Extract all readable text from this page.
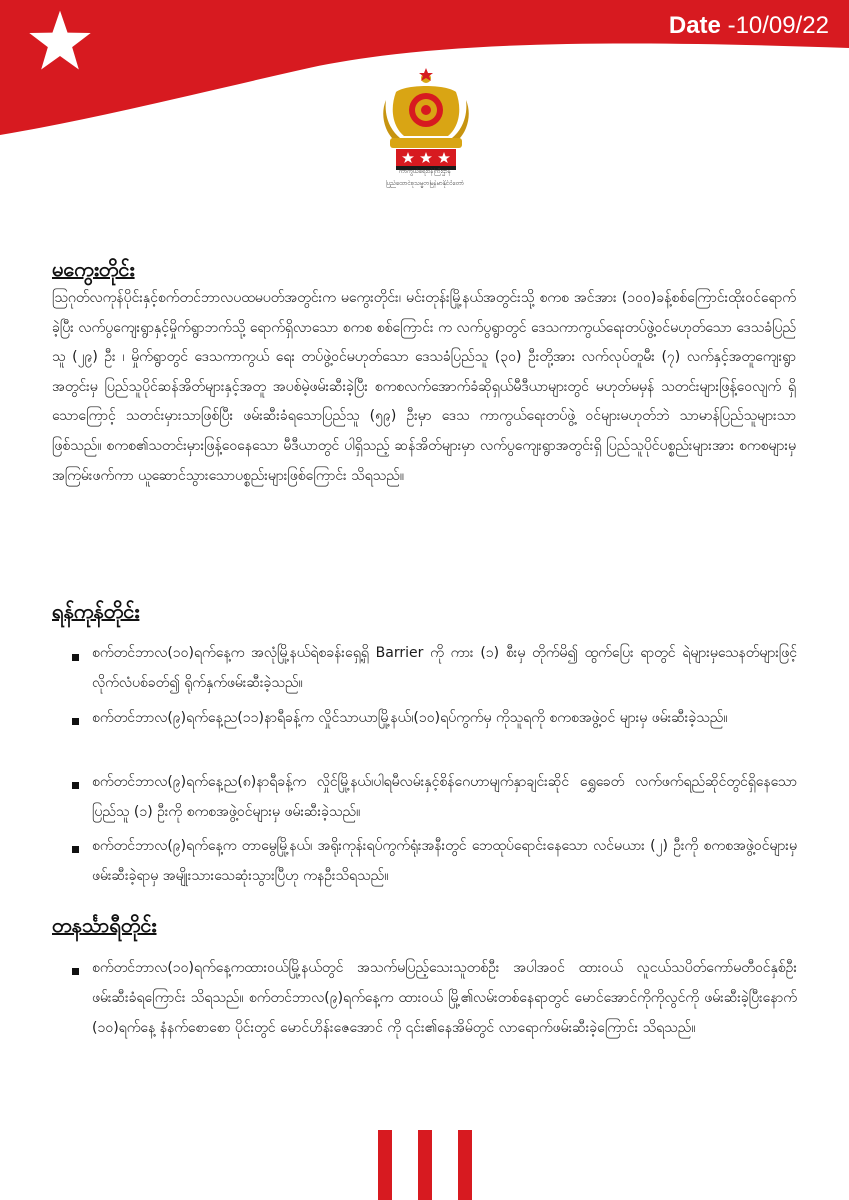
Date -10/09/22
ကာကွယ်ရေးဝန်ကြီးဌာန
ပြည်ထောင်စုသမ္မတမြန်မာနိုင်ငံတော်
မကွေးတိုင်း

ဩဂုတ်လကုန်ပိုင်းနှင့်စက်တင်ဘာလပထမပတ်အတွင်းက မကွေးတိုင်း၊ မင်းတုန်းမြို့နယ်အတွင်းသို့ စကစ အင်အား (၁၀၀)ခန့်စစ်ကြောင်းထိုးဝင်ရောက်ခဲ့ပြီး လက်ပွကျေးရွာနှင့်မှိုက်ရွာဘက်သို့ ရောက်ရှိလာသော စကစ စစ်ကြောင်း က လက်ပွရွာတွင် ဒေသကာကွယ်ရေးတပ်ဖွဲ့ဝင်မဟုတ်သော ဒေသခံပြည်သူ (၂၉) ဦး ၊ မှိုက်ရွာတွင် ဒေသကာကွယ် ရေး တပ်ဖွဲ့ဝင်မဟုတ်သော ဒေသခံပြည်သူ (၃၀) ဦးတို့အား လက်လုပ်တူမီး (၇) လက်နှင့်အတူကျေးရွာအတွင်းမှ ပြည်သူပိုင်ဆန်အိတ်များနှင့်အတူ အပစ်မဲ့ဖမ်းဆီးခဲ့ပြီး စကစလက်အောက်ခံဆိုရှယ်မီဒီယာများတွင် မဟုတ်မမှန် သတင်းများဖြန့်ဝေလျက် ရှိသောကြောင့် သတင်းမှားသာဖြစ်ပြီး ဖမ်းဆီးခံရသောပြည်သူ (၅၉) ဦးမှာ ဒေသ ကာကွယ်ရေးတပ်ဖွဲ့ ဝင်များမဟုတ်ဘဲ သာမာန်ပြည်သူများသာဖြစ်သည်။ စကစ၏သတင်းမှားဖြန့်ဝေနေသော မီဒီယာတွင် ပါရှိသည့် ဆန်အိတ်များမှာ လက်ပွကျေးရွာအတွင်းရှိ ပြည်သူပိုင်ပစ္စည်းများအား စကစများမှ အကြမ်းဖက်ကာ ယူဆောင်သွားသောပစ္စည်းများဖြစ်ကြောင်း သိရသည်။

ရန်ကုန်တိုင်း
စက်တင်ဘာလ(၁၀)ရက်နေ့က အလုံမြို့နယ်ရဲစခန်းရှေ့ရှိ Barrier ကို ကား (၁) စီးမှ တိုက်မိ၍ ထွက်ပြေး ရာတွင် ရဲများမှသေနတ်များဖြင့်လိုက်လံပစ်ခတ်၍ ရိုက်နှက်ဖမ်းဆီးခဲ့သည်။
စက်တင်ဘာလ(၉)ရက်နေ့ည(၁၁)နာရီခန့်က လှိုင်သာယာမြို့နယ်၊(၁၀)ရပ်ကွက်မှ ကိုသူရကို စကစအဖွဲ့ဝင် များမှ ဖမ်းဆီးခဲ့သည်။
စက်တင်ဘာလ(၉)ရက်နေ့ည(၈)နာရီခန့်က လှိုင်မြို့နယ်၊ပါရမီလမ်းနှင့်စိန်ဂေဟာမျက်နှာချင်းဆိုင် ရွှေခေတ် လက်ဖက်ရည်ဆိုင်တွင်ရှိနေသော ပြည်သူ (၁) ဦးကို စကစအဖွဲ့ဝင်များမှ ဖမ်းဆီးခဲ့သည်။
စက်တင်ဘာလ(၉)ရက်နေ့က တာမွေမြို့နယ်၊ အရိုးကုန်းရပ်ကွက်ရုံးအနီးတွင် ဘေထုပ်ရောင်းနေသော လင်မယား (၂) ဦးကို စကစအဖွဲ့ဝင်များမှ ဖမ်းဆီးခဲ့ရာမှ အမျိုးသားသေဆုံးသွားပြီဟု ကနဦးသိရသည်။
တနင်္သာရီတိုင်း
စက်တင်ဘာလ(၁၀)ရက်နေ့ကထားဝယ်မြို့နယ်တွင် အသက်မပြည့်သေးသူတစ်ဦး အပါအဝင် ထားဝယ် လူငယ်သပိတ်ကော်မတီဝင်နှစ်ဦး ဖမ်းဆီးခံရကြောင်း သိရသည်။ စက်တင်ဘာလ(၉)ရက်နေ့က ထားဝယ် မြို့၏လမ်းတစ်နေရာတွင် မောင်အောင်ကိုကိုလွင်ကို ဖမ်းဆီးခဲ့ပြီးနောက် (၁၀)ရက်နေ့ နံနက်စောစော ပိုင်းတွင် မောင်ဟိန်းဇေအောင် ကို ၎င်း၏နေအိမ်တွင် လာရောက်ဖမ်းဆီးခဲ့ကြောင်း သိရသည်။
